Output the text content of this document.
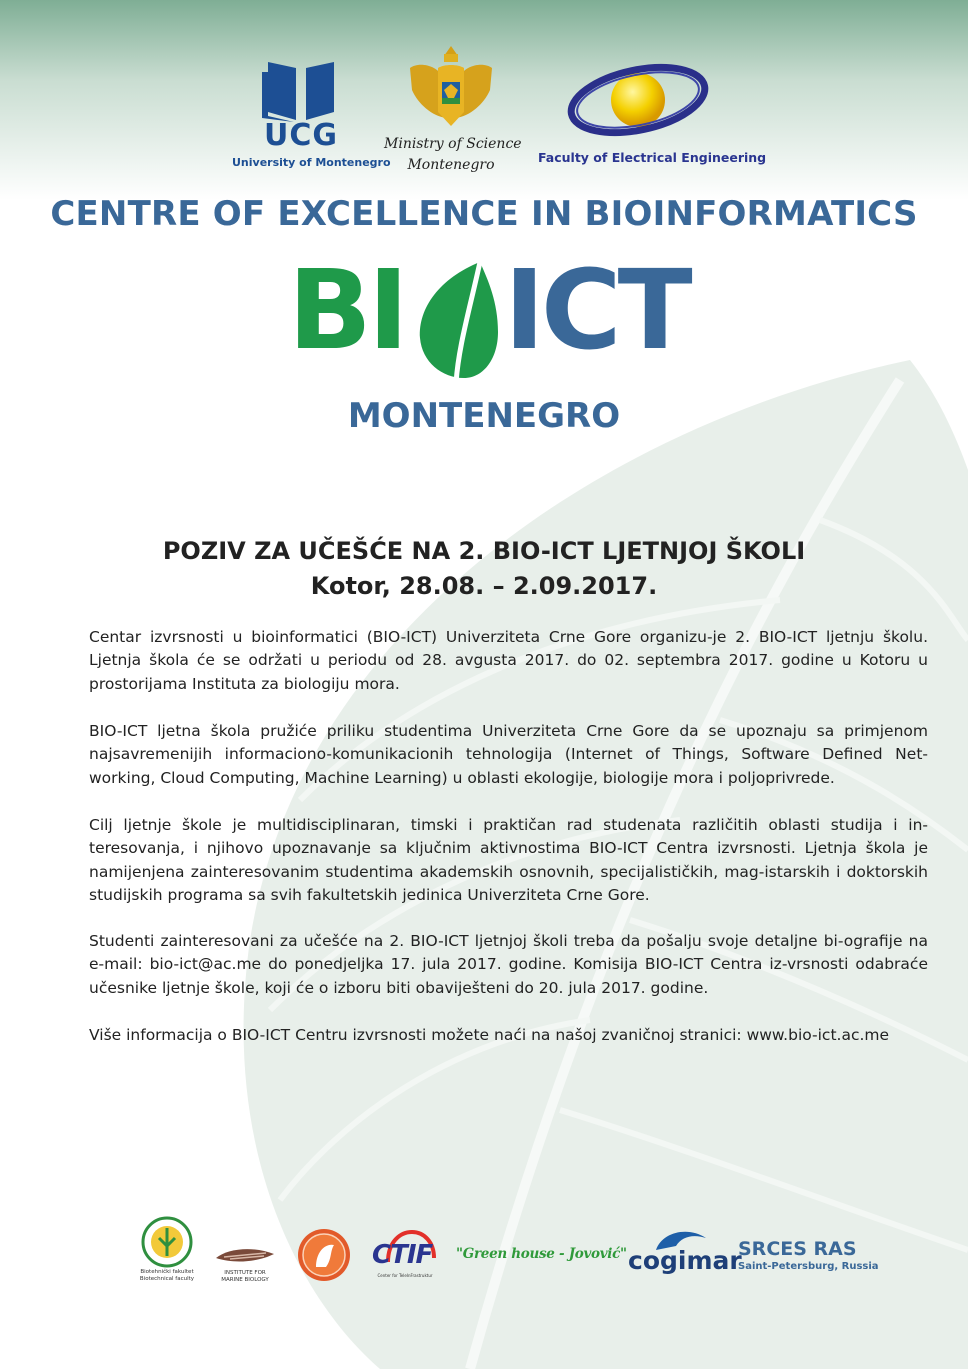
UCG
University of Montenegro
Ministry of Science
Montenegro	Faculty of Electrical Engineering
CENTRE OF EXCELLENCE IN BIOINFORMATICS
BI ICT
MONTENEGRO
POZIV ZA UČEŠĆE NA 2. BIO-ICT LJETNJOJ ŠKOLI
Kotor, 28.08. – 2.09.2017.

Centar izvrsnosti u bioinformatici (BIO-ICT) Univerziteta Crne Gore organizu-je 2. BIO-ICT ljetnju školu. Ljetnja škola će se održati u periodu od 28. avgusta 2017. do 02. septembra 2017. godine u Kotoru u prostorijama Instituta za biologiju mora.

BIO-ICT ljetna škola pružiće priliku studentima Univerziteta Crne Gore da se upoznaju sa primjenom najsavremenijih informaciono-komunikacionih tehnologija (Internet of Things, Software Defined Net-working, Cloud Computing, Machine Learning) u oblasti ekologije, biologije mora i poljoprivrede.

Cilj ljetnje škole je multidisciplinaran, timski i praktičan rad studenata različitih oblasti studija i in-teresovanja, i njihovo upoznavanje sa ključnim aktivnostima BIO-ICT Centra izvrsnosti. Ljetnja škola je namijenjena zainteresovanim studentima akademskih osnovnih, specijalističkih, mag-istarskih i doktorskih studijskih programa sa svih fakultetskih jedinica Univerziteta Crne Gore.

Studenti zainteresovani za učešće na 2. BIO-ICT ljetnjoj školi treba da pošalju svoje detaljne bi-ografije na e-mail: bio-ict@ac.me do ponedjeljka 17. jula 2017. godine. Komisija BIO-ICT Centra iz-vrsnosti odabraće učesnike ljetnje škole, koji će o izboru biti obaviješteni do 20. jula 2017. godine.

Više informacija o BIO-ICT Centru izvrsnosti možete naći na našoj zvaničnoj stranici: www.bio-ict.ac.me

Biotehnički fakultet
Biotechnical faculty
INSTITUTE FOR
MARINE BIOLOGY
CTIF
Center for TeleInFrastruktur
"Green house - Jovović" cogimar
SRCES RAS
Saint-Petersburg, Russia
